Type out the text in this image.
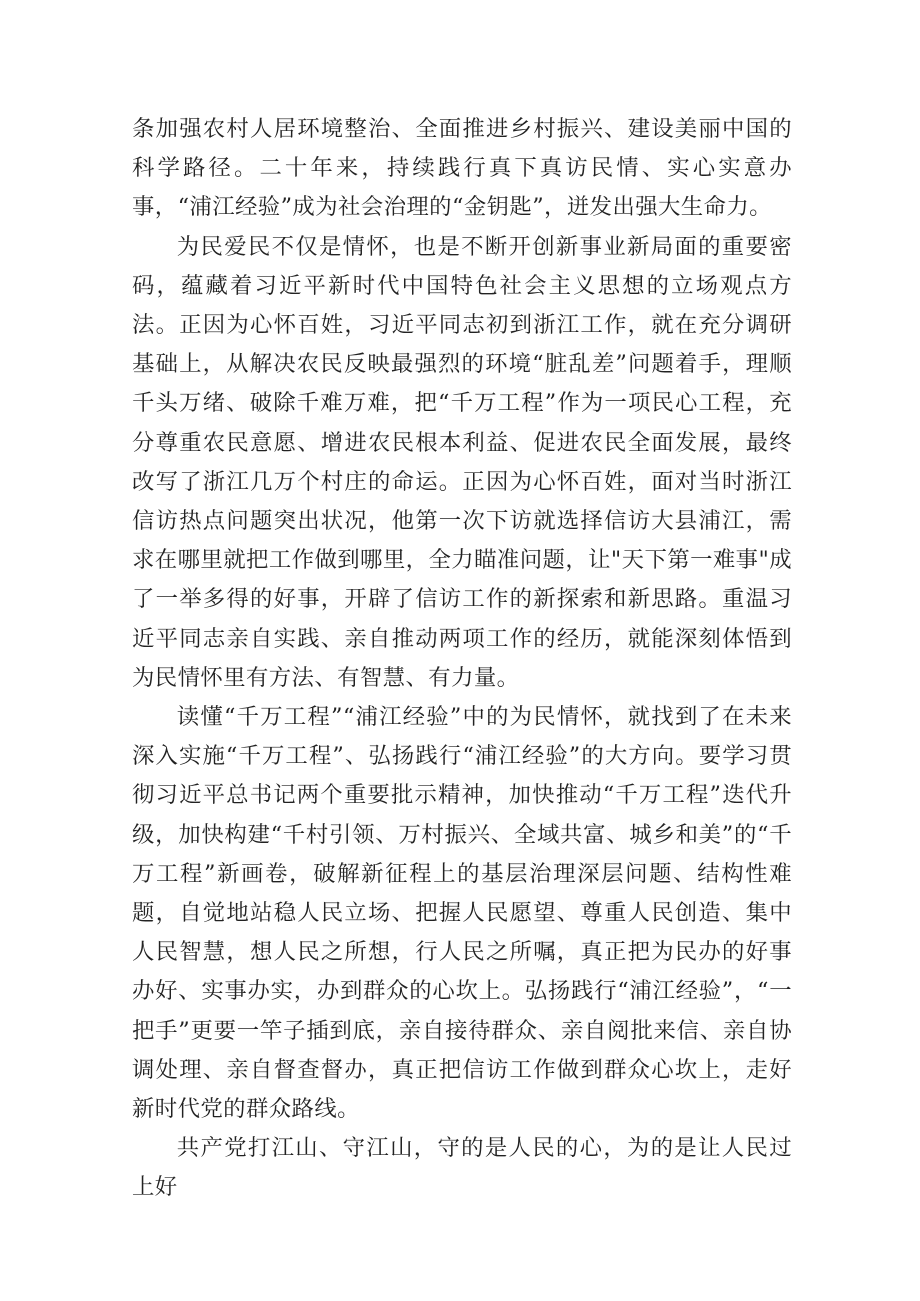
条加强农村人居环境整治、全面推进乡村振兴、建设美丽中国的科学路径。二十年来，持续践行真下真访民情、实心实意办事，“浦江经验”成为社会治理的“金钥匙”，迸发出强大生命力。

为民爱民不仅是情怀，也是不断开创新事业新局面的重要密码，蕴藏着习近平新时代中国特色社会主义思想的立场观点方法。正因为心怀百姓，习近平同志初到浙江工作，就在充分调研基础上，从解决农民反映最强烈的环境“脏乱差”问题着手，理顺千头万绪、破除千难万难，把“千万工程”作为一项民心工程，充分尊重农民意愿、增进农民根本利益、促进农民全面发展，最终改写了浙江几万个村庄的命运。正因为心怀百姓，面对当时浙江信访热点问题突出状况，他第一次下访就选择信访大县浦江，需求在哪里就把工作做到哪里，全力瞄准问题，让"天下第一难事"成了一举多得的好事，开辟了信访工作的新探索和新思路。重温习近平同志亲自实践、亲自推动两项工作的经历，就能深刻体悟到为民情怀里有方法、有智慧、有力量。

读懂“千万工程”“浦江经验”中的为民情怀，就找到了在未来深入实施“千万工程”、弘扬践行“浦江经验”的大方向。要学习贯彻习近平总书记两个重要批示精神，加快推动“千万工程”迭代升级，加快构建“千村引领、万村振兴、全域共富、城乡和美”的“千万工程”新画卷，破解新征程上的基层治理深层问题、结构性难题，自觉地站稳人民立场、把握人民愿望、尊重人民创造、集中人民智慧，想人民之所想，行人民之所嘱，真正把为民办的好事办好、实事办实，办到群众的心坎上。弘扬践行“浦江经验”，“一把手”更要一竿子插到底，亲自接待群众、亲自阅批来信、亲自协调处理、亲自督查督办，真正把信访工作做到群众心坎上，走好新时代党的群众路线。

共产党打江山、守江山，守的是人民的心，为的是让人民过上好
